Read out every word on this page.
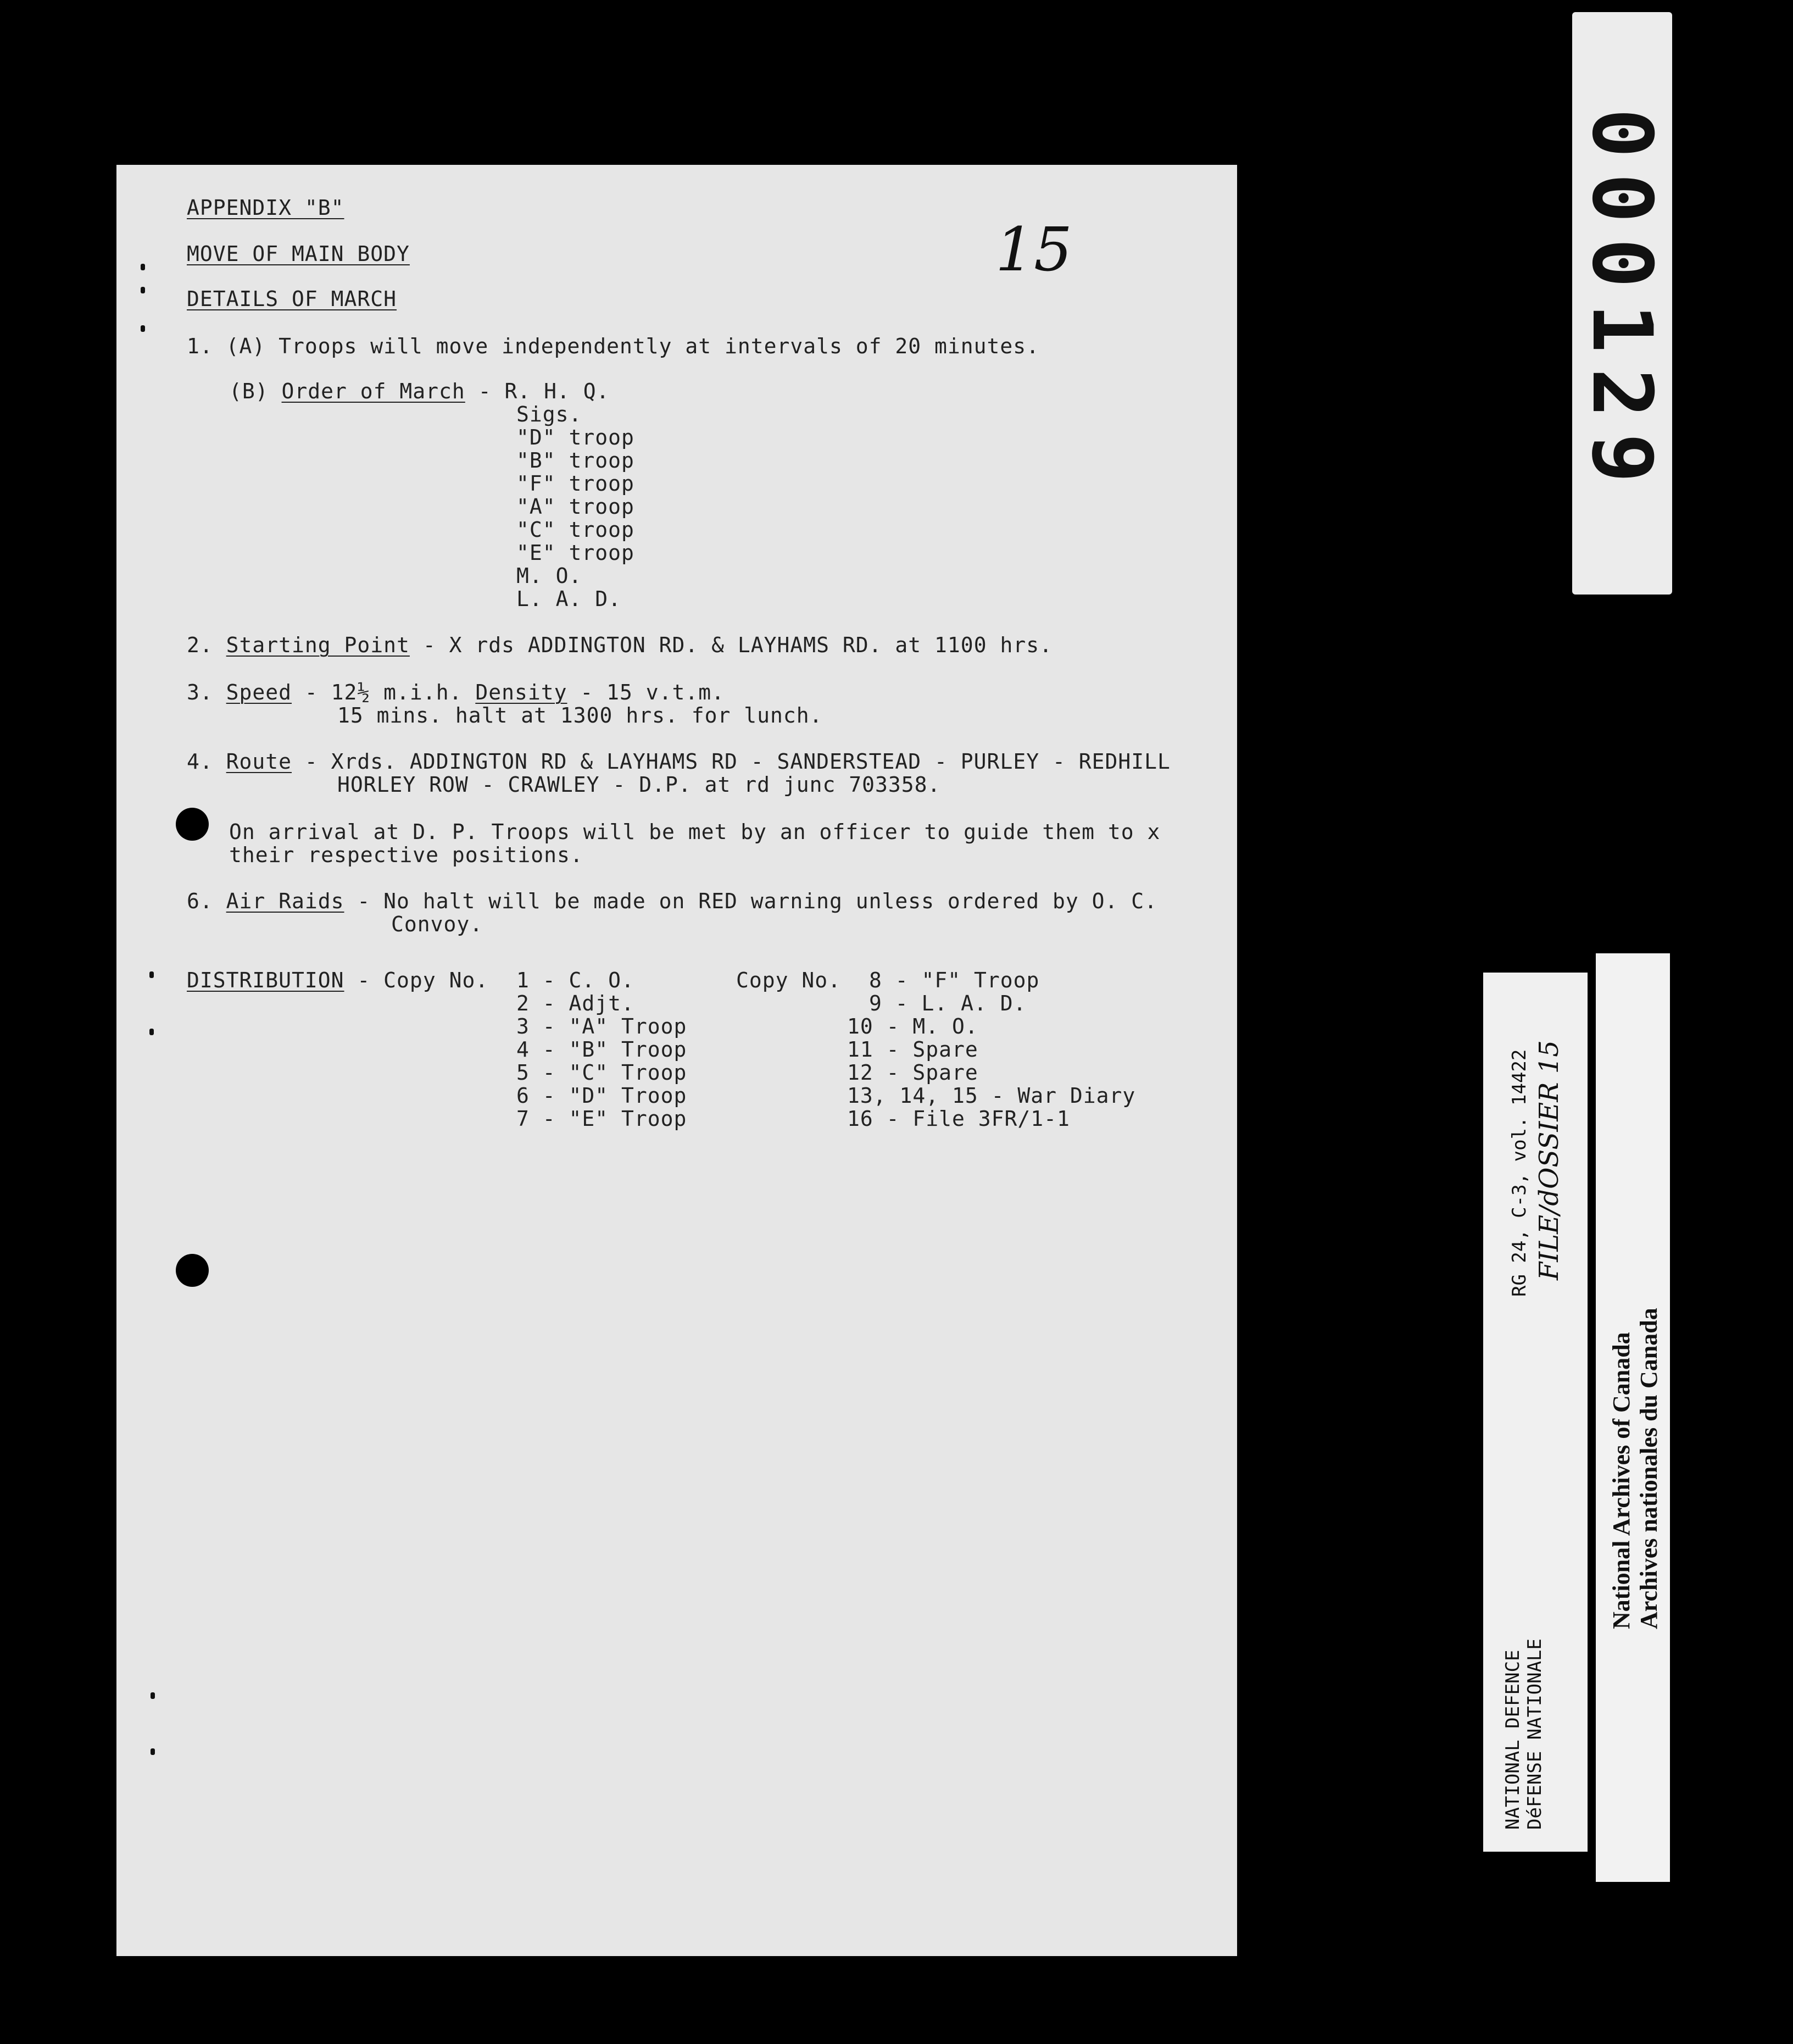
APPENDIX "B"
MOVE OF MAIN BODY
DETAILS OF MARCH
15
1. (A) Troops will move independently at intervals of 20 minutes.
(B) Order of March - R. H. Q.
Sigs.
"D" troop
"B" troop
"F" troop
"A" troop
"C" troop
"E" troop
M. O.
L. A. D.
2. Starting Point - X rds ADDINGTON RD. & LAYHAMS RD. at 1100 hrs.
3. Speed - 12½ m.i.h. Density - 15 v.t.m.
15 mins. halt at 1300 hrs. for lunch.
4. Route - Xrds. ADDINGTON RD & LAYHAMS RD - SANDERSTEAD - PURLEY - REDHILL
HORLEY ROW - CRAWLEY - D.P. at rd junc 703358.
On arrival at D. P. Troops will be met by an officer to guide them to x
their respective positions.
6. Air Raids - No halt will be made on RED warning unless ordered by O. C.
Convoy.
DISTRIBUTION - Copy No. 1 - C. O.
2 - Adjt.
3 - "A" Troop
4 - "B" Troop
5 - "C" Troop
6 - "D" Troop
7 - "E" Troop
Copy No. 8 - "F" Troop
9 - L. A. D.
10 - M. O.
11 - Spare
12 - Spare
13, 14, 15 - War Diary
16 - File 3FR/1-1
000129
NATIONAL DEFENCE DéFENSE NATIONALE
RG 24, C-3, vol. 14422 FILE/dOSSIER 15
National Archives of Canada Archives nationales du Canada
